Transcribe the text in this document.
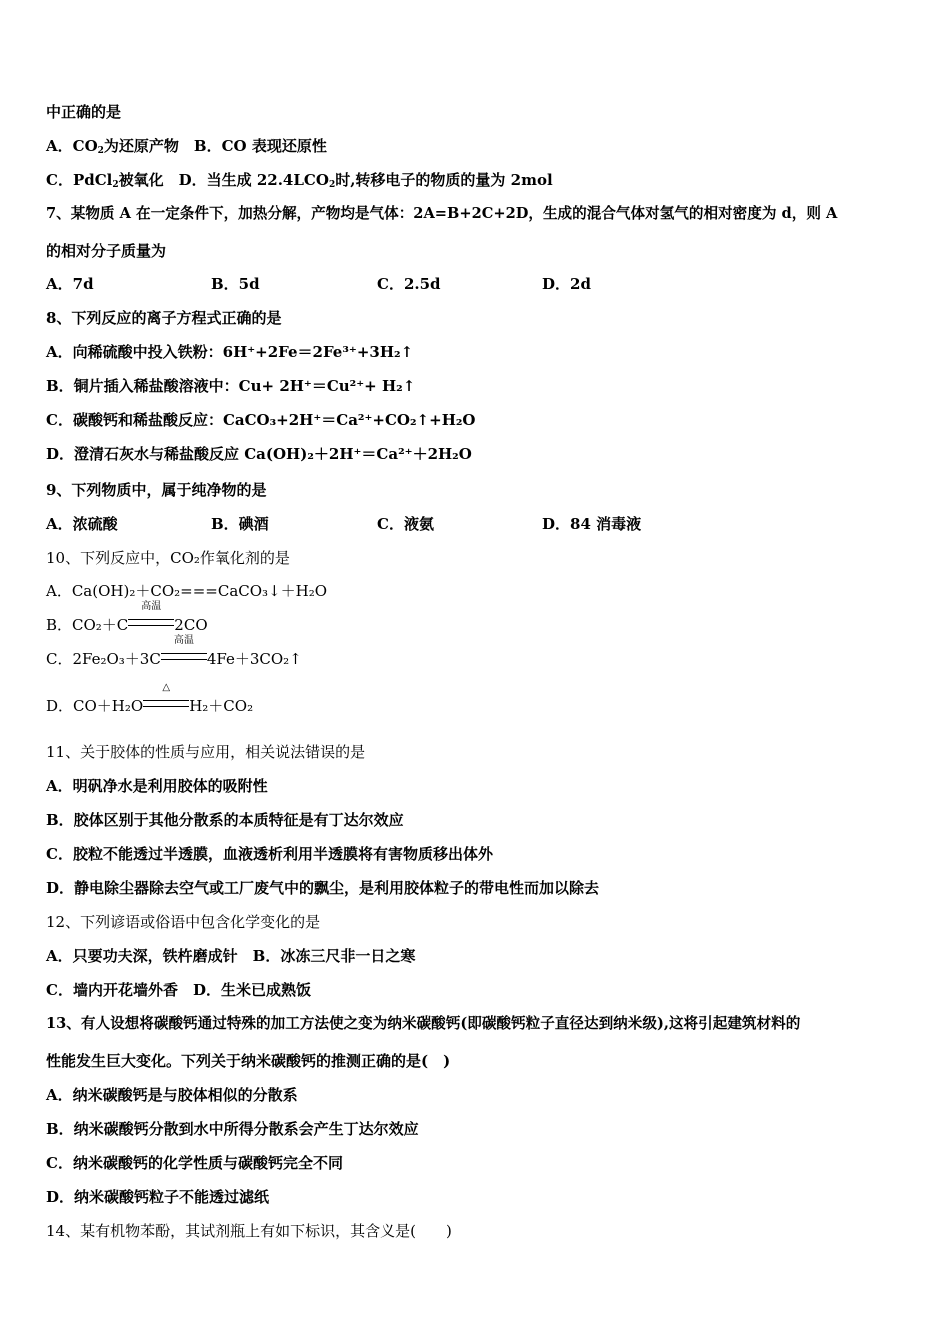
中正确的是
A．$CO_2$为还原产物　B．CO 表现还原性
C．PdCl$_2$被氧化　D．当生成 $22.4LCO_2$时,转移电子的物质的量为 2mol
7、某物质 A 在一定条件下，加热分解，产物均是气体：2A=B+2C+2D，生成的混合气体对氢气的相对密度为 d，则 A
的相对分子质量为
A．7d	B．5d	C．2.5d	D．2d
8、下列反应的离子方程式正确的是
A．向稀硫酸中投入铁粉：6H⁺+2Fe＝2Fe³⁺+3H₂↑
B．铜片插入稀盐酸溶液中：Cu+ 2H⁺＝Cu²⁺+ H₂↑
C．碳酸钙和稀盐酸反应：CaCO₃+2H⁺＝Ca²⁺+CO₂↑+H₂O
D．澄清石灰水与稀盐酸反应 Ca(OH)₂＋2H⁺＝Ca²⁺＋2H₂O
9、下列物质中，属于纯净物的是
A．浓硫酸	B．碘酒	C．液氨	D．84 消毒液
10、下列反应中，CO₂作氧化剂的是
A．Ca(OH)₂＋CO₂===CaCO₃↓＋H₂O
B．CO₂＋C
高温
2CO
C．2Fe₂O₃＋3C
高温
4Fe＋3CO₂↑
D．CO＋H₂O
△
H₂＋CO₂
11、关于胶体的性质与应用，相关说法错误的是
A．明矾净水是利用胶体的吸附性
B．胶体区别于其他分散系的本质特征是有丁达尔效应
C．胶粒不能透过半透膜，血液透析利用半透膜将有害物质移出体外
D．静电除尘器除去空气或工厂废气中的飘尘，是利用胶体粒子的带电性而加以除去
12、下列谚语或俗语中包含化学变化的是
A．只要功夫深，铁杵磨成针　B．冰冻三尺非一日之寒
C．墙内开花墙外香　D．生米已成熟饭
13、有人设想将碳酸钙通过特殊的加工方法使之变为纳米碳酸钙(即碳酸钙粒子直径达到纳米级),这将引起建筑材料的
性能发生巨大变化。下列关于纳米碳酸钙的推测正确的是(　)
A．纳米碳酸钙是与胶体相似的分散系
B．纳米碳酸钙分散到水中所得分散系会产生丁达尔效应
C．纳米碳酸钙的化学性质与碳酸钙完全不同
D．纳米碳酸钙粒子不能透过滤纸
14、某有机物苯酚，其试剂瓶上有如下标识，其含义是(　　)
